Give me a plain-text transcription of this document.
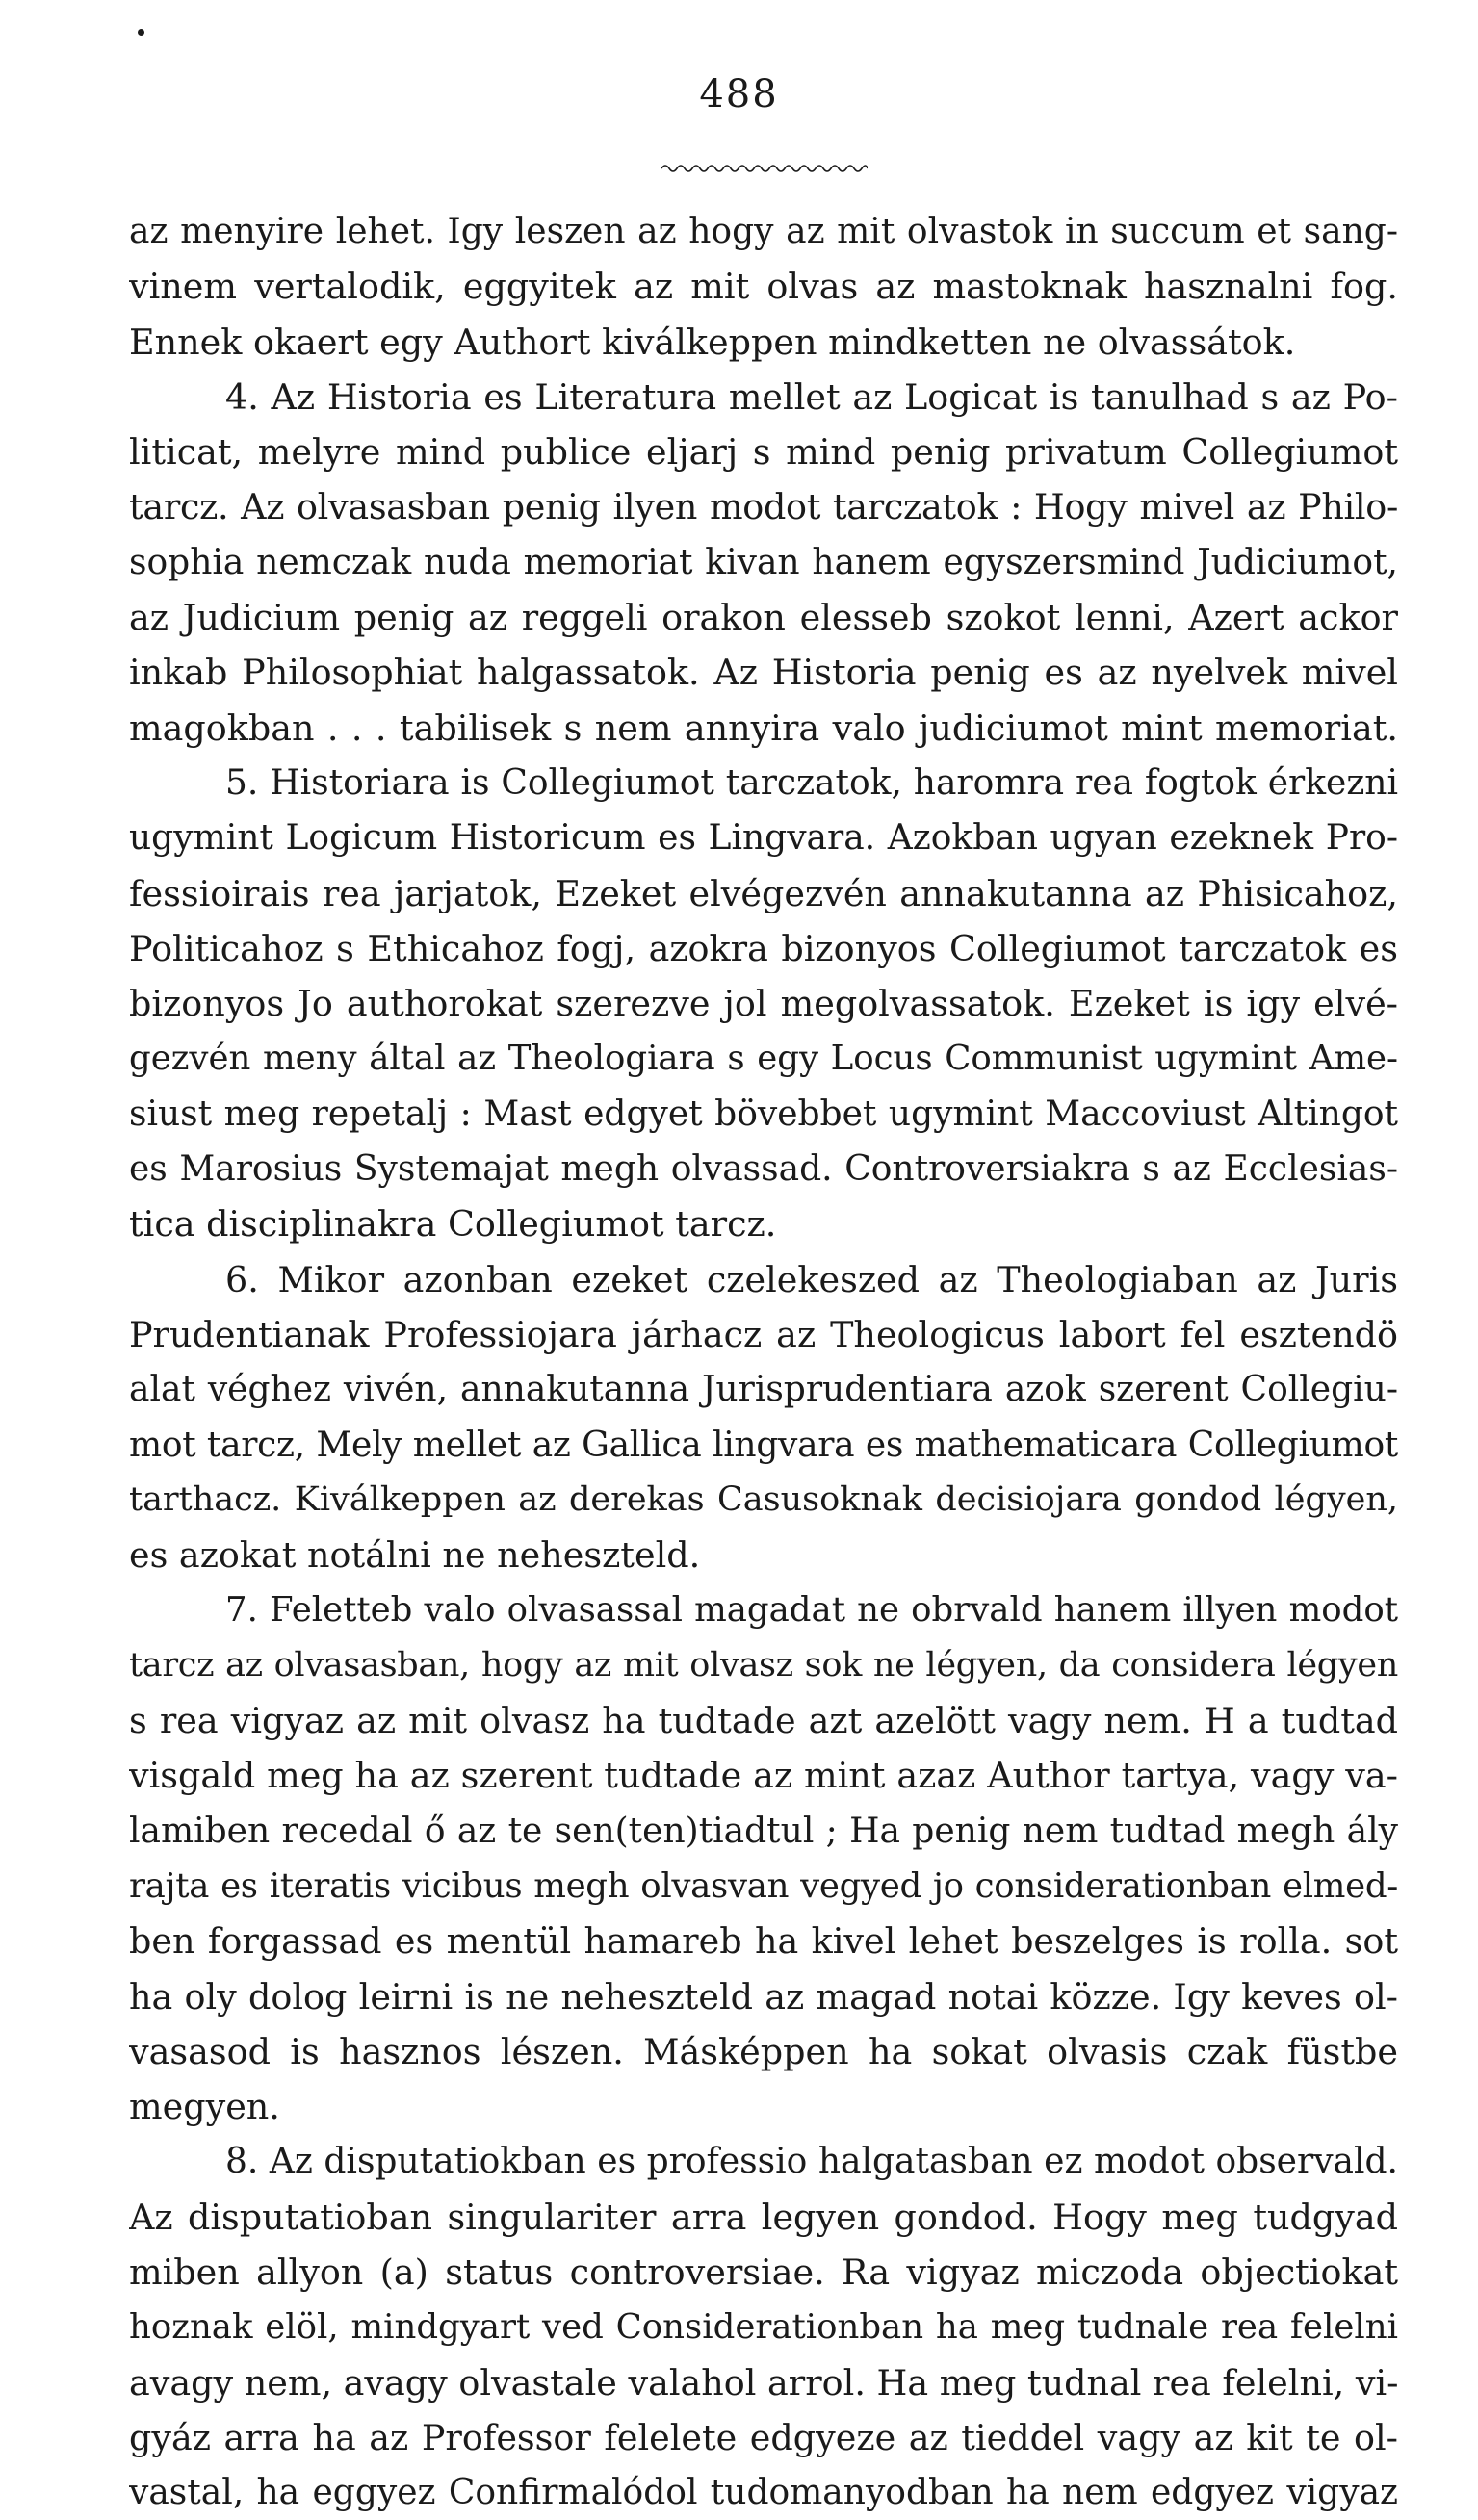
488
az menyire lehet. Igy leszen az hogy az mit olvastok in succum et sang-
vinem vertalodik, eggyitek az mit olvas az mastoknak hasznalni fog.
Ennek okaert egy Authort kiválkeppen mindketten ne olvassátok.
4. Az Historia es Literatura mellet az Logicat is tanulhad s az Po-
liticat, melyre mind publice eljarj s mind penig privatum Collegiumot
tarcz. Az olvasasban penig ilyen modot tarczatok : Hogy mivel az Philo-
sophia nemczak nuda memoriat kivan hanem egyszersmind Judiciumot,
az Judicium penig az reggeli orakon elesseb szokot lenni, Azert ackor
inkab Philosophiat halgassatok. Az Historia penig es az nyelvek mivel
magokban . . . tabilisek s nem annyira valo judiciumot mint memoriat.
5. Historiara is Collegiumot tarczatok, haromra rea fogtok érkezni
ugymint Logicum Historicum es Lingvara. Azokban ugyan ezeknek Pro-
fessioirais rea jarjatok, Ezeket elvégezvén annakutanna az Phisicahoz,
Politicahoz s Ethicahoz fogj, azokra bizonyos Collegiumot tarczatok es
bizonyos Jo authorokat szerezve jol megolvassatok. Ezeket is igy elvé-
gezvén meny által az Theologiara s egy Locus Communist ugymint Ame-
siust meg repetalj : Mast edgyet bövebbet ugymint Maccoviust Altingot
es Marosius Systemajat megh olvassad. Controversiakra s az Ecclesias-
tica disciplinakra Collegiumot tarcz.
6. Mikor azonban ezeket czelekeszed az Theologiaban az Juris
Prudentianak Professiojara járhacz az Theologicus labort fel esztendö
alat véghez vivén, annakutanna Jurisprudentiara azok szerent Collegiu-
mot tarcz, Mely mellet az Gallica lingvara es mathematicara Collegiumot
tarthacz. Kiválkeppen az derekas Casusoknak decisiojara gondod légyen,
es azokat notálni ne neheszteld.
7. Feletteb valo olvasassal magadat ne obrvald hanem illyen modot
tarcz az olvasasban, hogy az mit olvasz sok ne légyen, da considera légyen
s rea vigyaz az mit olvasz ha tudtade azt azelött vagy nem. H a tudtad
visgald meg ha az szerent tudtade az mint azaz Author tartya, vagy va-
lamiben recedal ő az te sen(ten)tiadtul ; Ha penig nem tudtad megh ály
rajta es iteratis vicibus megh olvasvan vegyed jo considerationban elmed-
ben forgassad es mentül hamareb ha kivel lehet beszelges is rolla. sot
ha oly dolog leirni is ne neheszteld az magad notai közze. Igy keves ol-
vasasod is hasznos lészen. Másképpen ha sokat olvasis czak füstbe
megyen.
8. Az disputatiokban es professio halgatasban ez modot observald.
Az disputatioban singulariter arra legyen gondod. Hogy meg tudgyad
miben allyon (a) status controversiae. Ra vigyaz miczoda objectiokat
hoznak elöl, mindgyart ved Considerationban ha meg tudnale rea felelni
avagy nem, avagy olvastale valahol arrol. Ha meg tudnal rea felelni, vi-
gyáz arra ha az Professor felelete edgyeze az tieddel vagy az kit te ol-
vastal, ha eggyez Confirmalódol tudomanyodban ha nem edgyez vigyaz
